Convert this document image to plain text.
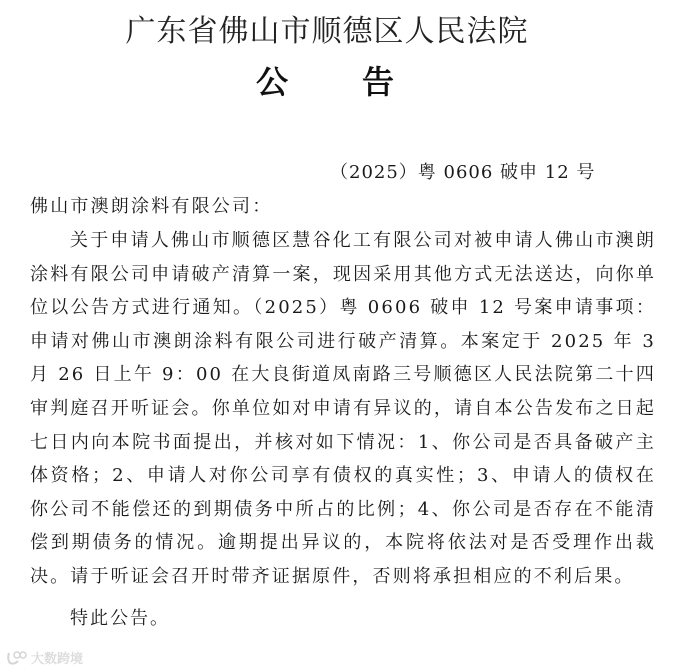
广东省佛山市顺德区人民法院
公 告
（2025）粤 0606 破申 12 号
佛山市澳朗涂料有限公司：

关于申请人佛山市顺德区慧谷化工有限公司对被申请人佛山市澳朗涂料有限公司申请破产清算一案，现因采用其他方式无法送达，向你单位以公告方式进行通知。（2025）粤 0606 破申 12 号案申请事项：申请对佛山市澳朗涂料有限公司进行破产清算。本案定于 2025 年 3 月 26 日上午 9：00 在大良街道凤南路三号顺德区人民法院第二十四审判庭召开听证会。你单位如对申请有异议的，请自本公告发布之日起七日内向本院书面提出，并核对如下情况：1、你公司是否具备破产主体资格；2、申请人对你公司享有债权的真实性；3、申请人的债权在你公司不能偿还的到期债务中所占的比例；4、你公司是否存在不能清偿到期债务的情况。逾期提出异议的，本院将依法对是否受理作出裁决。请于听证会召开时带齐证据原件，否则将承担相应的不利后果。

特此公告。
大数跨境
